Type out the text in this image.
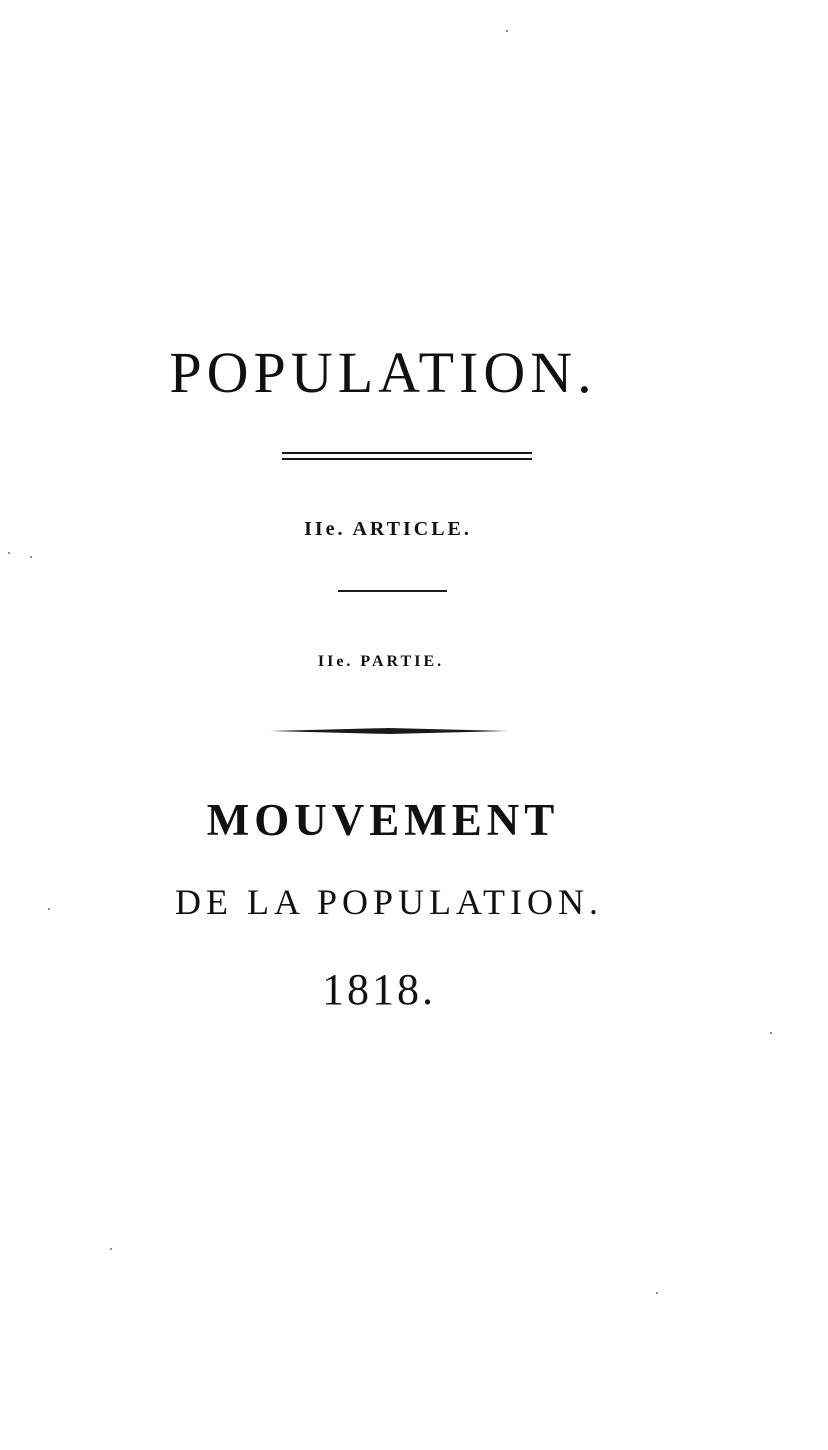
POPULATION.
IIe. ARTICLE.
IIe. PARTIE.
MOUVEMENT
DE LA POPULATION.
1818.
